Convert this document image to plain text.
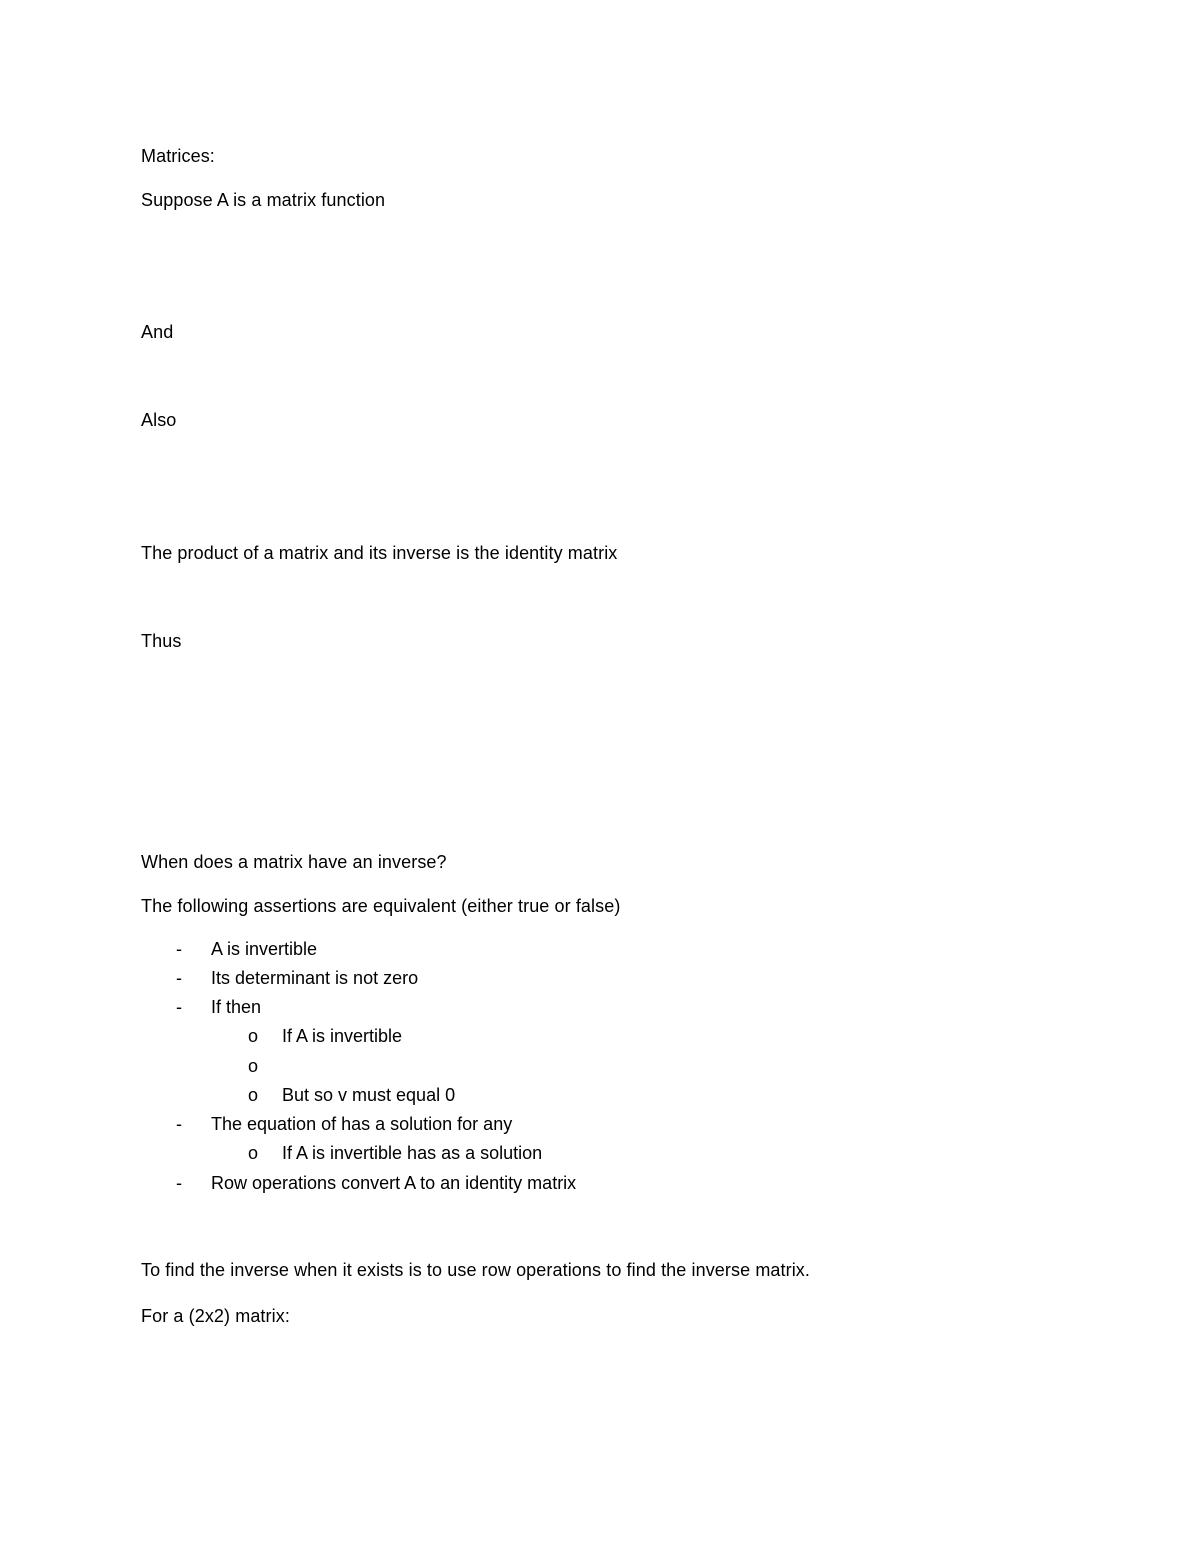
Matrices:
Suppose A is a matrix function
And
Also
The product of a matrix and its inverse is the identity matrix
Thus
When does a matrix have an inverse?
The following assertions are equivalent (either true or false)
- A is invertible
- Its determinant is not zero
- If then
o If A is invertible
o
o But so v must equal 0
- The equation of has a solution for any
o If A is invertible has as a solution
- Row operations convert A to an identity matrix
To find the inverse when it exists is to use row operations to find the inverse matrix.
For a (2x2) matrix:
